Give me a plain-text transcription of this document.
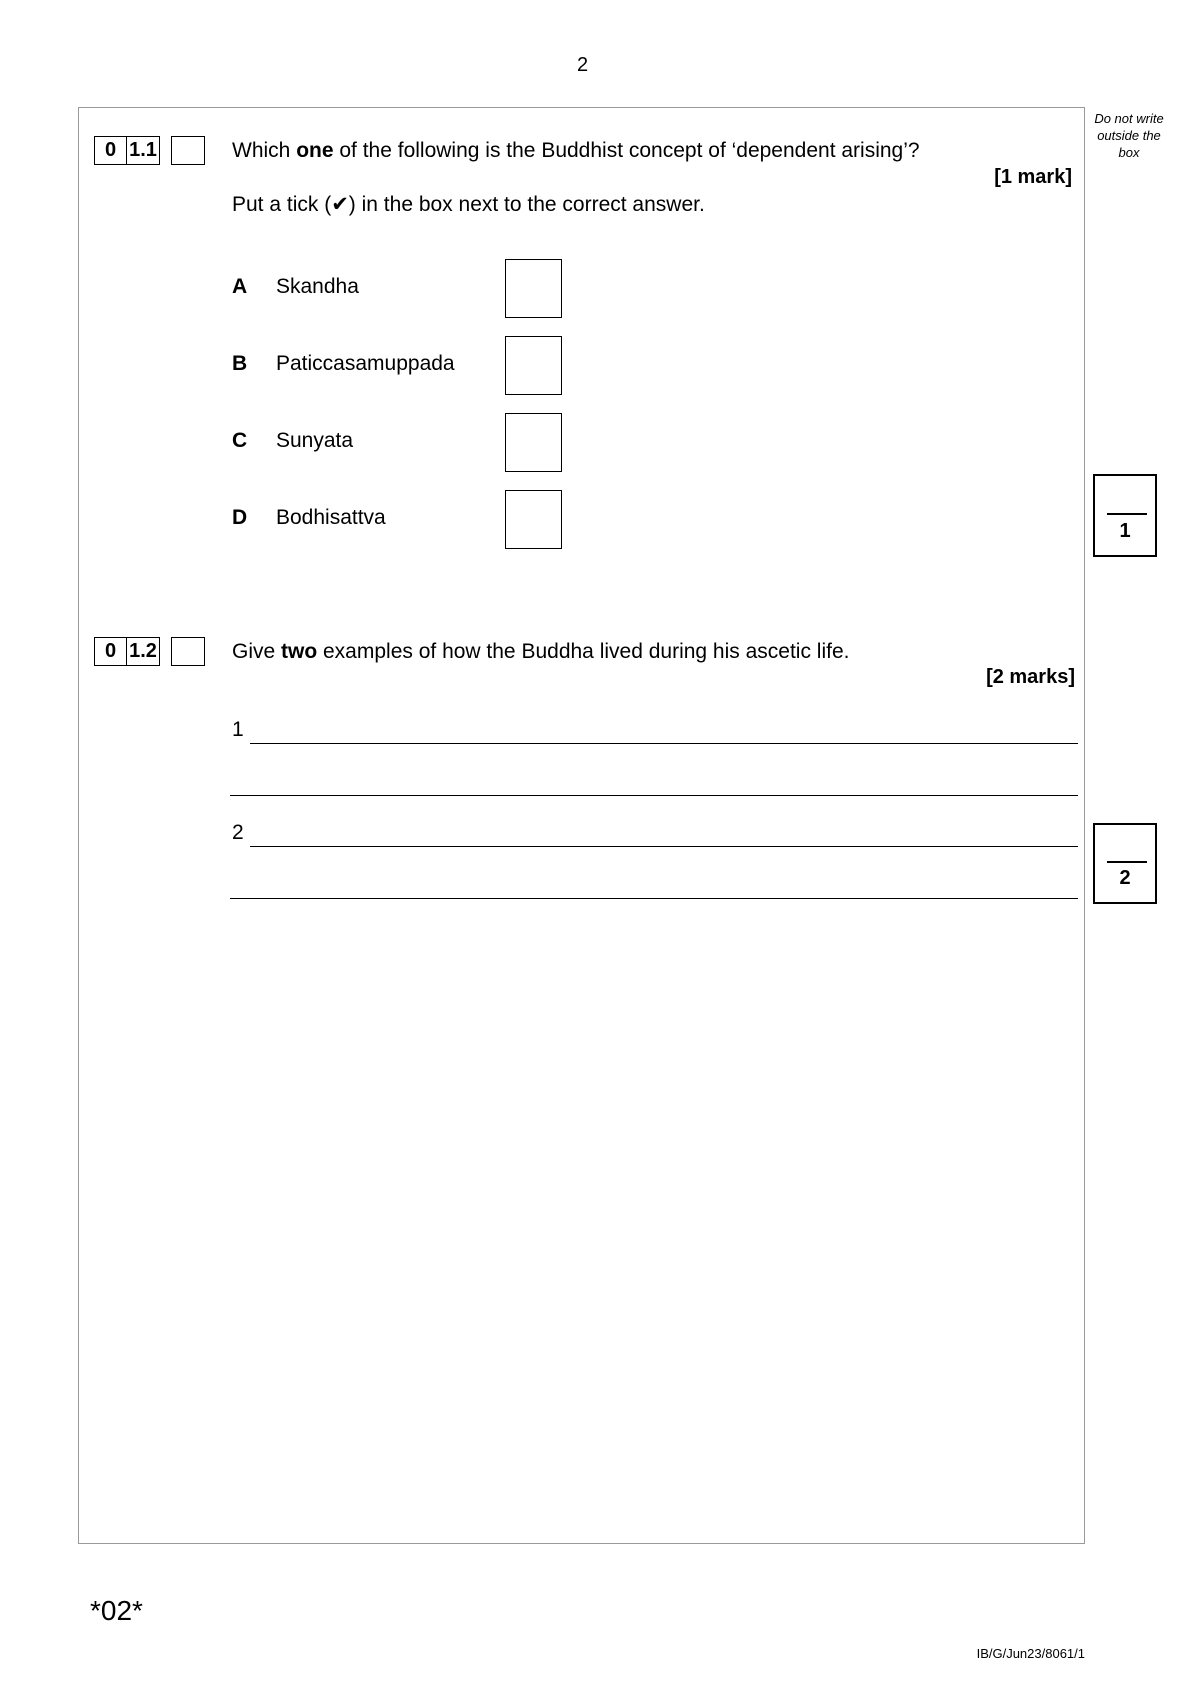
2
Do not write outside the box
0 1.1	Which one of the following is the Buddhist concept of ‘dependent arising’?
[1 mark]
Put a tick (✔) in the box next to the correct answer.
A Skandha
B Paticcasamuppada
C Sunyata
D Bodhisattva
1
0 1.2	Give two examples of how the Buddha lived during his ascetic life.
[2 marks]
1
2
2
*02*
IB/G/Jun23/8061/1
